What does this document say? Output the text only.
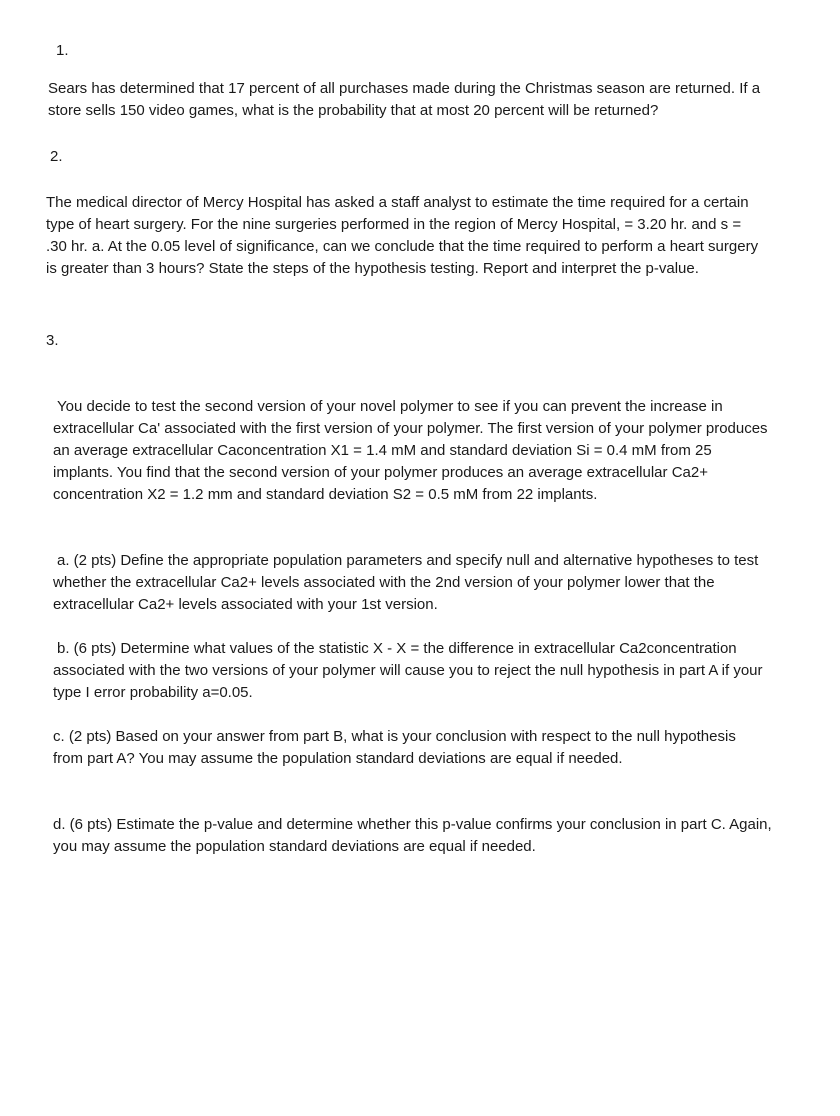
1.

Sears has determined that 17 percent of all purchases made during the Christmas season are returned. If a store sells 150 video games, what is the probability that at most 20 percent will be returned?

2.

The medical director of Mercy Hospital has asked a staff analyst to estimate the time required for a certain type of heart surgery. For the nine surgeries performed in the region of Mercy Hospital, = 3.20 hr. and s = .30 hr. a. At the 0.05 level of significance, can we conclude that the time required to perform a heart surgery is greater than 3 hours? State the steps of the hypothesis testing. Report and interpret the p-value.

3.

You decide to test the second version of your novel polymer to see if you can prevent the increase in extracellular Ca' associated with the first version of your polymer. The first version of your polymer produces an average extracellular Caconcentration X1 = 1.4 mM and standard deviation Si = 0.4 mM from 25 implants. You find that the second version of your polymer produces an average extracellular Ca2+ concentration X2 = 1.2 mm and standard deviation S2 = 0.5 mM from 22 implants.

a. (2 pts) Define the appropriate population parameters and specify null and alternative hypotheses to test whether the extracellular Ca2+ levels associated with the 2nd version of your polymer lower that the extracellular Ca2+ levels associated with your 1st version.

b. (6 pts) Determine what values of the statistic X - X = the difference in extracellular Ca2concentration associated with the two versions of your polymer will cause you to reject the null hypothesis in part A if your type I error probability a=0.05.

c. (2 pts) Based on your answer from part B, what is your conclusion with respect to the null hypothesis from part A? You may assume the population standard deviations are equal if needed.

d. (6 pts) Estimate the p-value and determine whether this p-value confirms your conclusion in part C. Again, you may assume the population standard deviations are equal if needed.
